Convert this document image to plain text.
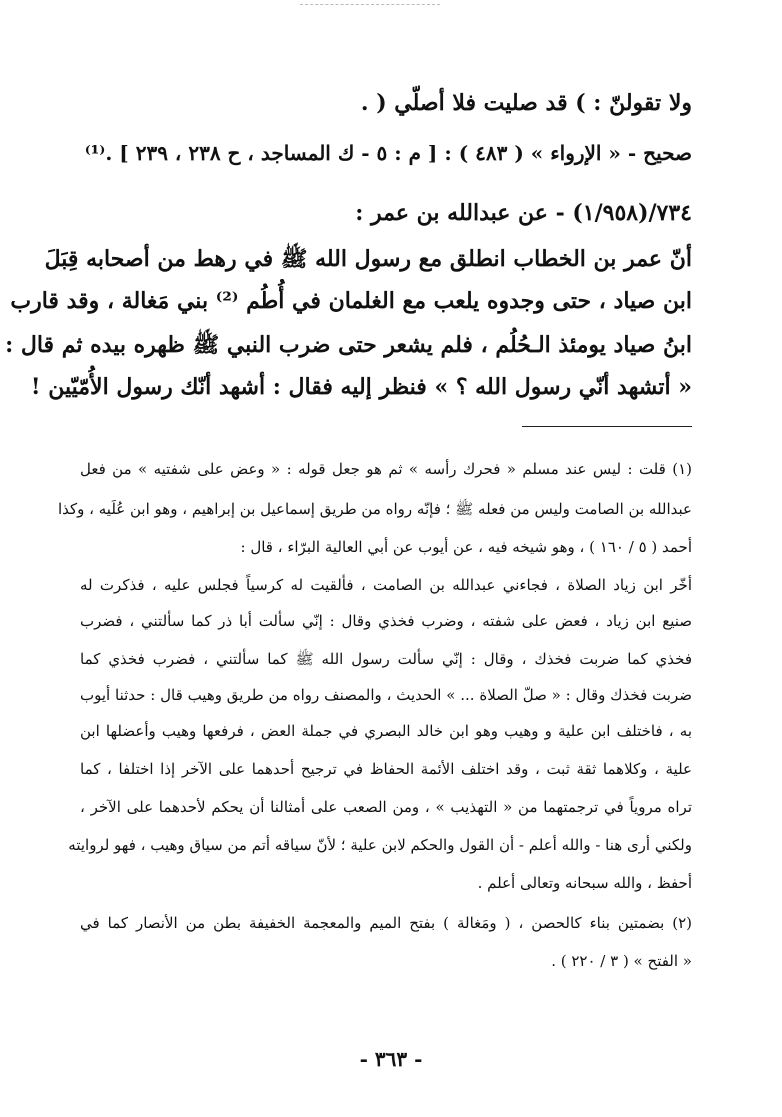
ولا تقولنّ : ) قد صليت فلا أصلّي ( .
صحيح - « الإرواء » ( ٤٨٣ ) : [ م : ٥ - ك المساجد ، ح ٢٣٨ ، ٢٣٩ ] .⁽¹⁾
٧٣٤/(١/٩٥٨) - عن عبدالله بن عمر :
أنّ عمر بن الخطاب انطلق مع رسول الله ﷺ في رهط من أصحابه قِبَلَ
ابن صياد ، حتى وجدوه يلعب مع الغلمان في أُطُم ⁽²⁾ بني مَغالة ، وقد قارب
ابنُ صياد يومئذ الـحُلُم ، فلم يشعر حتى ضرب النبي ﷺ ظهره بيده ثم قال :
« أتشهد أنّي رسول الله ؟ » فنظر إليه فقال : أشهد أنّك رسول الأُمّيّين !
(١) قلت : ليس عند مسلم « فحرك رأسه » ثم هو جعل قوله : « وعض على شفتيه » من فعل
عبدالله بن الصامت وليس من فعله ﷺ ؛ فإنّه رواه من طريق إسماعيل بن إبراهيم ، وهو ابن عُلَيه ، وكذا
أحمد ( ٥ / ١٦٠ ) ، وهو شيخه فيه ، عن أيوب عن أبي العالية البرّاء ، قال :
أخّر ابن زياد الصلاة ، فجاءني عبدالله بن الصامت ، فألقيت له كرسياً فجلس عليه ، فذكرت له
صنيع ابن زياد ، فعض على شفته ، وضرب فخذي وقال : إنّي سألت أبا ذر كما سألتني ، فضرب
فخذي كما ضربت فخذك ، وقال : إنّي سألت رسول الله ﷺ كما سألتني ، فضرب فخذي كما
ضربت فخذك وقال : « صلّ الصلاة ... » الحديث ، والمصنف رواه من طريق وهيب قال : حدثنا أيوب
به ، فاختلف ابن علية و وهيب وهو ابن خالد البصري في جملة العض ، فرفعها وهيب وأعضلها ابن
علية ، وكلاهما ثقة ثبت ، وقد اختلف الأئمة الحفاظ في ترجيح أحدهما على الآخر إذا اختلفا ، كما
تراه مروياً في ترجمتهما من « التهذيب » ، ومن الصعب على أمثالنا أن يحكم لأحدهما على الآخر ،
ولكني أرى هنا - والله أعلم - أن القول والحكم لابن علية ؛ لأنّ سياقه أتم من سياق وهيب ، فهو لروايته
أحفظ ، والله سبحانه وتعالى أعلم .
(٢) بضمتين بناء كالحصن ، ( ومَغالة ) بفتح الميم والمعجمة الخفيفة بطن من الأنصار كما في
« الفتح » ( ٣ / ٢٢٠ ) .
- ٣٦٣ -
